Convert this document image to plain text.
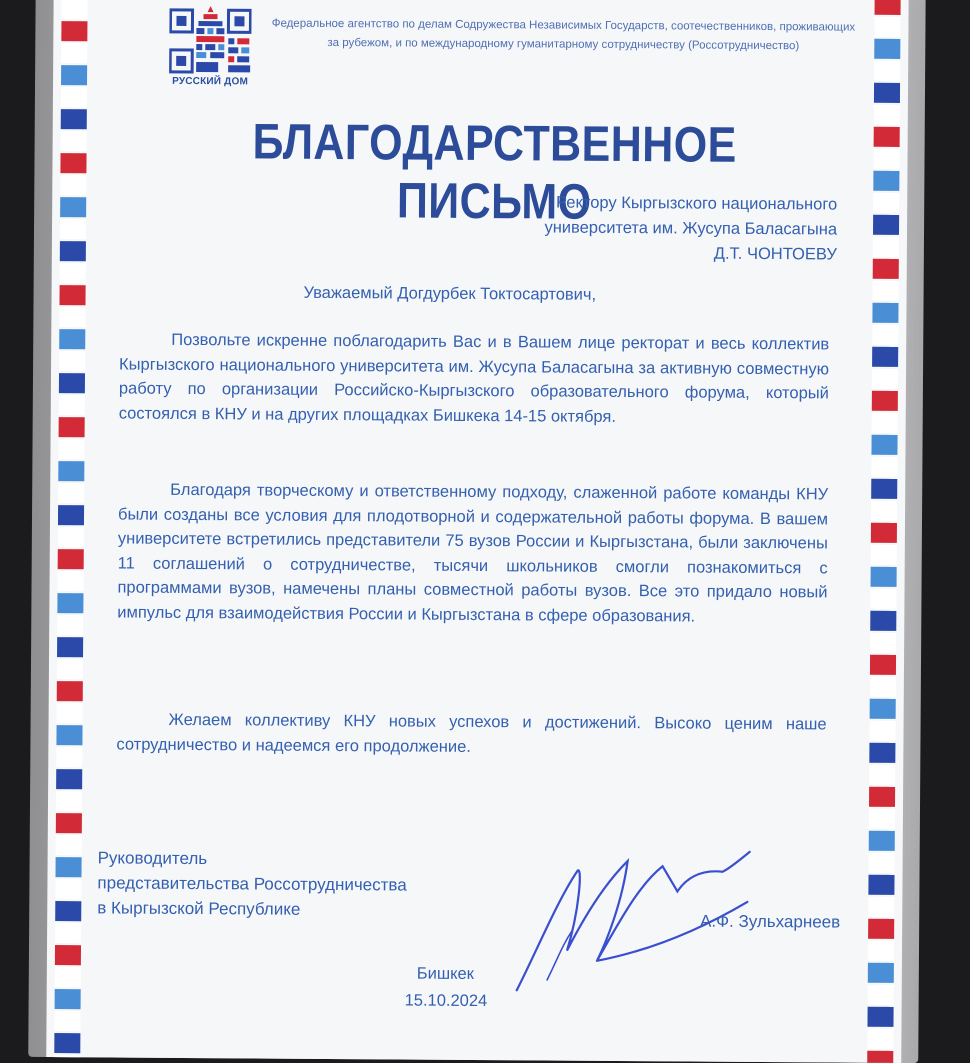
РУССКИЙ ДОМ
Федеральное агентство по делам Содружества Независимых Государств, соотечественников, проживающих
за рубежом, и по международному гуманитарному сотрудничеству (Россотрудничество)
БЛАГОДАРСТВЕННОЕ ПИСЬМО
Ректору Кыргызского национального
университета им. Жусупа Баласагына
Д.Т. ЧОНТОЕВУ
Уважаемый Догдурбек Токтосартович,
Позвольте искренне поблагодарить Вас и в Вашем лице ректорат и весь коллектив Кыргызского национального университета им. Жусупа Баласагына за активную совместную работу по организации Российско-Кыргызского образовательного форума, который состоялся в КНУ и на других площадках Бишкека 14-15 октября.
Благодаря творческому и ответственному подходу, слаженной работе команды КНУ были созданы все условия для плодотворной и содержательной работы форума. В вашем университете встретились представители 75 вузов России и Кыргызстана, были заключены 11 соглашений о сотрудничестве, тысячи школьников смогли познакомиться с программами вузов, намечены планы совместной работы вузов. Все это придало новый импульс для взаимодействия России и Кыргызстана в сфере образования.
Желаем коллективу КНУ новых успехов и достижений. Высоко ценим наше сотрудничество и надеемся его продолжение.
Руководитель
представительства Россотрудничества
в Кыргызской Республике
А.Ф. Зульхарнеев
Бишкек
15.10.2024
